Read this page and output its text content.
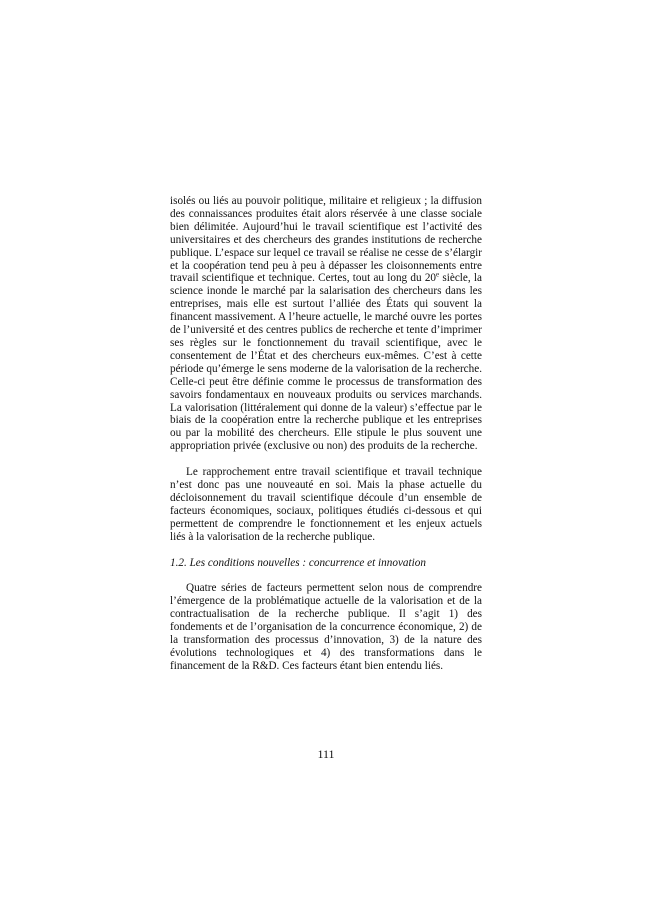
isolés ou liés au pouvoir politique, militaire et religieux ; la diffusion des connaissances produites était alors réservée à une classe sociale bien délimitée. Aujourd’hui le travail scientifique est l’activité des universitaires et des chercheurs des grandes institutions de recherche publique. L’espace sur lequel ce travail se réalise ne cesse de s’élargir et la coopération tend peu à peu à dépasser les cloisonnements entre travail scientifique et technique. Certes, tout au long du 20e siècle, la science inonde le marché par la salarisation des chercheurs dans les entreprises, mais elle est surtout l’alliée des États qui souvent la financent massivement. A l’heure actuelle, le marché ouvre les portes de l’université et des centres publics de recherche et tente d’imprimer ses règles sur le fonctionnement du travail scientifique, avec le consentement de l’État et des chercheurs eux-mêmes. C’est à cette période qu’émerge le sens moderne de la valorisation de la recherche. Celle-ci peut être définie comme le processus de transformation des savoirs fondamentaux en nouveaux produits ou services marchands. La valorisation (littéralement qui donne de la valeur) s’effectue par le biais de la coopération entre la recherche publique et les entreprises ou par la mobilité des chercheurs. Elle stipule le plus souvent une appropriation privée (exclusive ou non) des produits de la recherche.

Le rapprochement entre travail scientifique et travail technique n’est donc pas une nouveauté en soi. Mais la phase actuelle du décloisonnement du travail scientifique découle d’un ensemble de facteurs économiques, sociaux, politiques étudiés ci-dessous et qui permettent de comprendre le fonctionnement et les enjeux actuels liés à la valorisation de la recherche publique.

1.2. Les conditions nouvelles : concurrence et innovation

Quatre séries de facteurs permettent selon nous de comprendre l’émergence de la problématique actuelle de la valorisation et de la contractualisation de la recherche publique. Il s’agit 1) des fondements et de l’organisation de la concurrence économique, 2) de la transformation des processus d’innovation, 3) de la nature des évolutions technologiques et 4) des transformations dans le financement de la R&D. Ces facteurs étant bien entendu liés.

111
